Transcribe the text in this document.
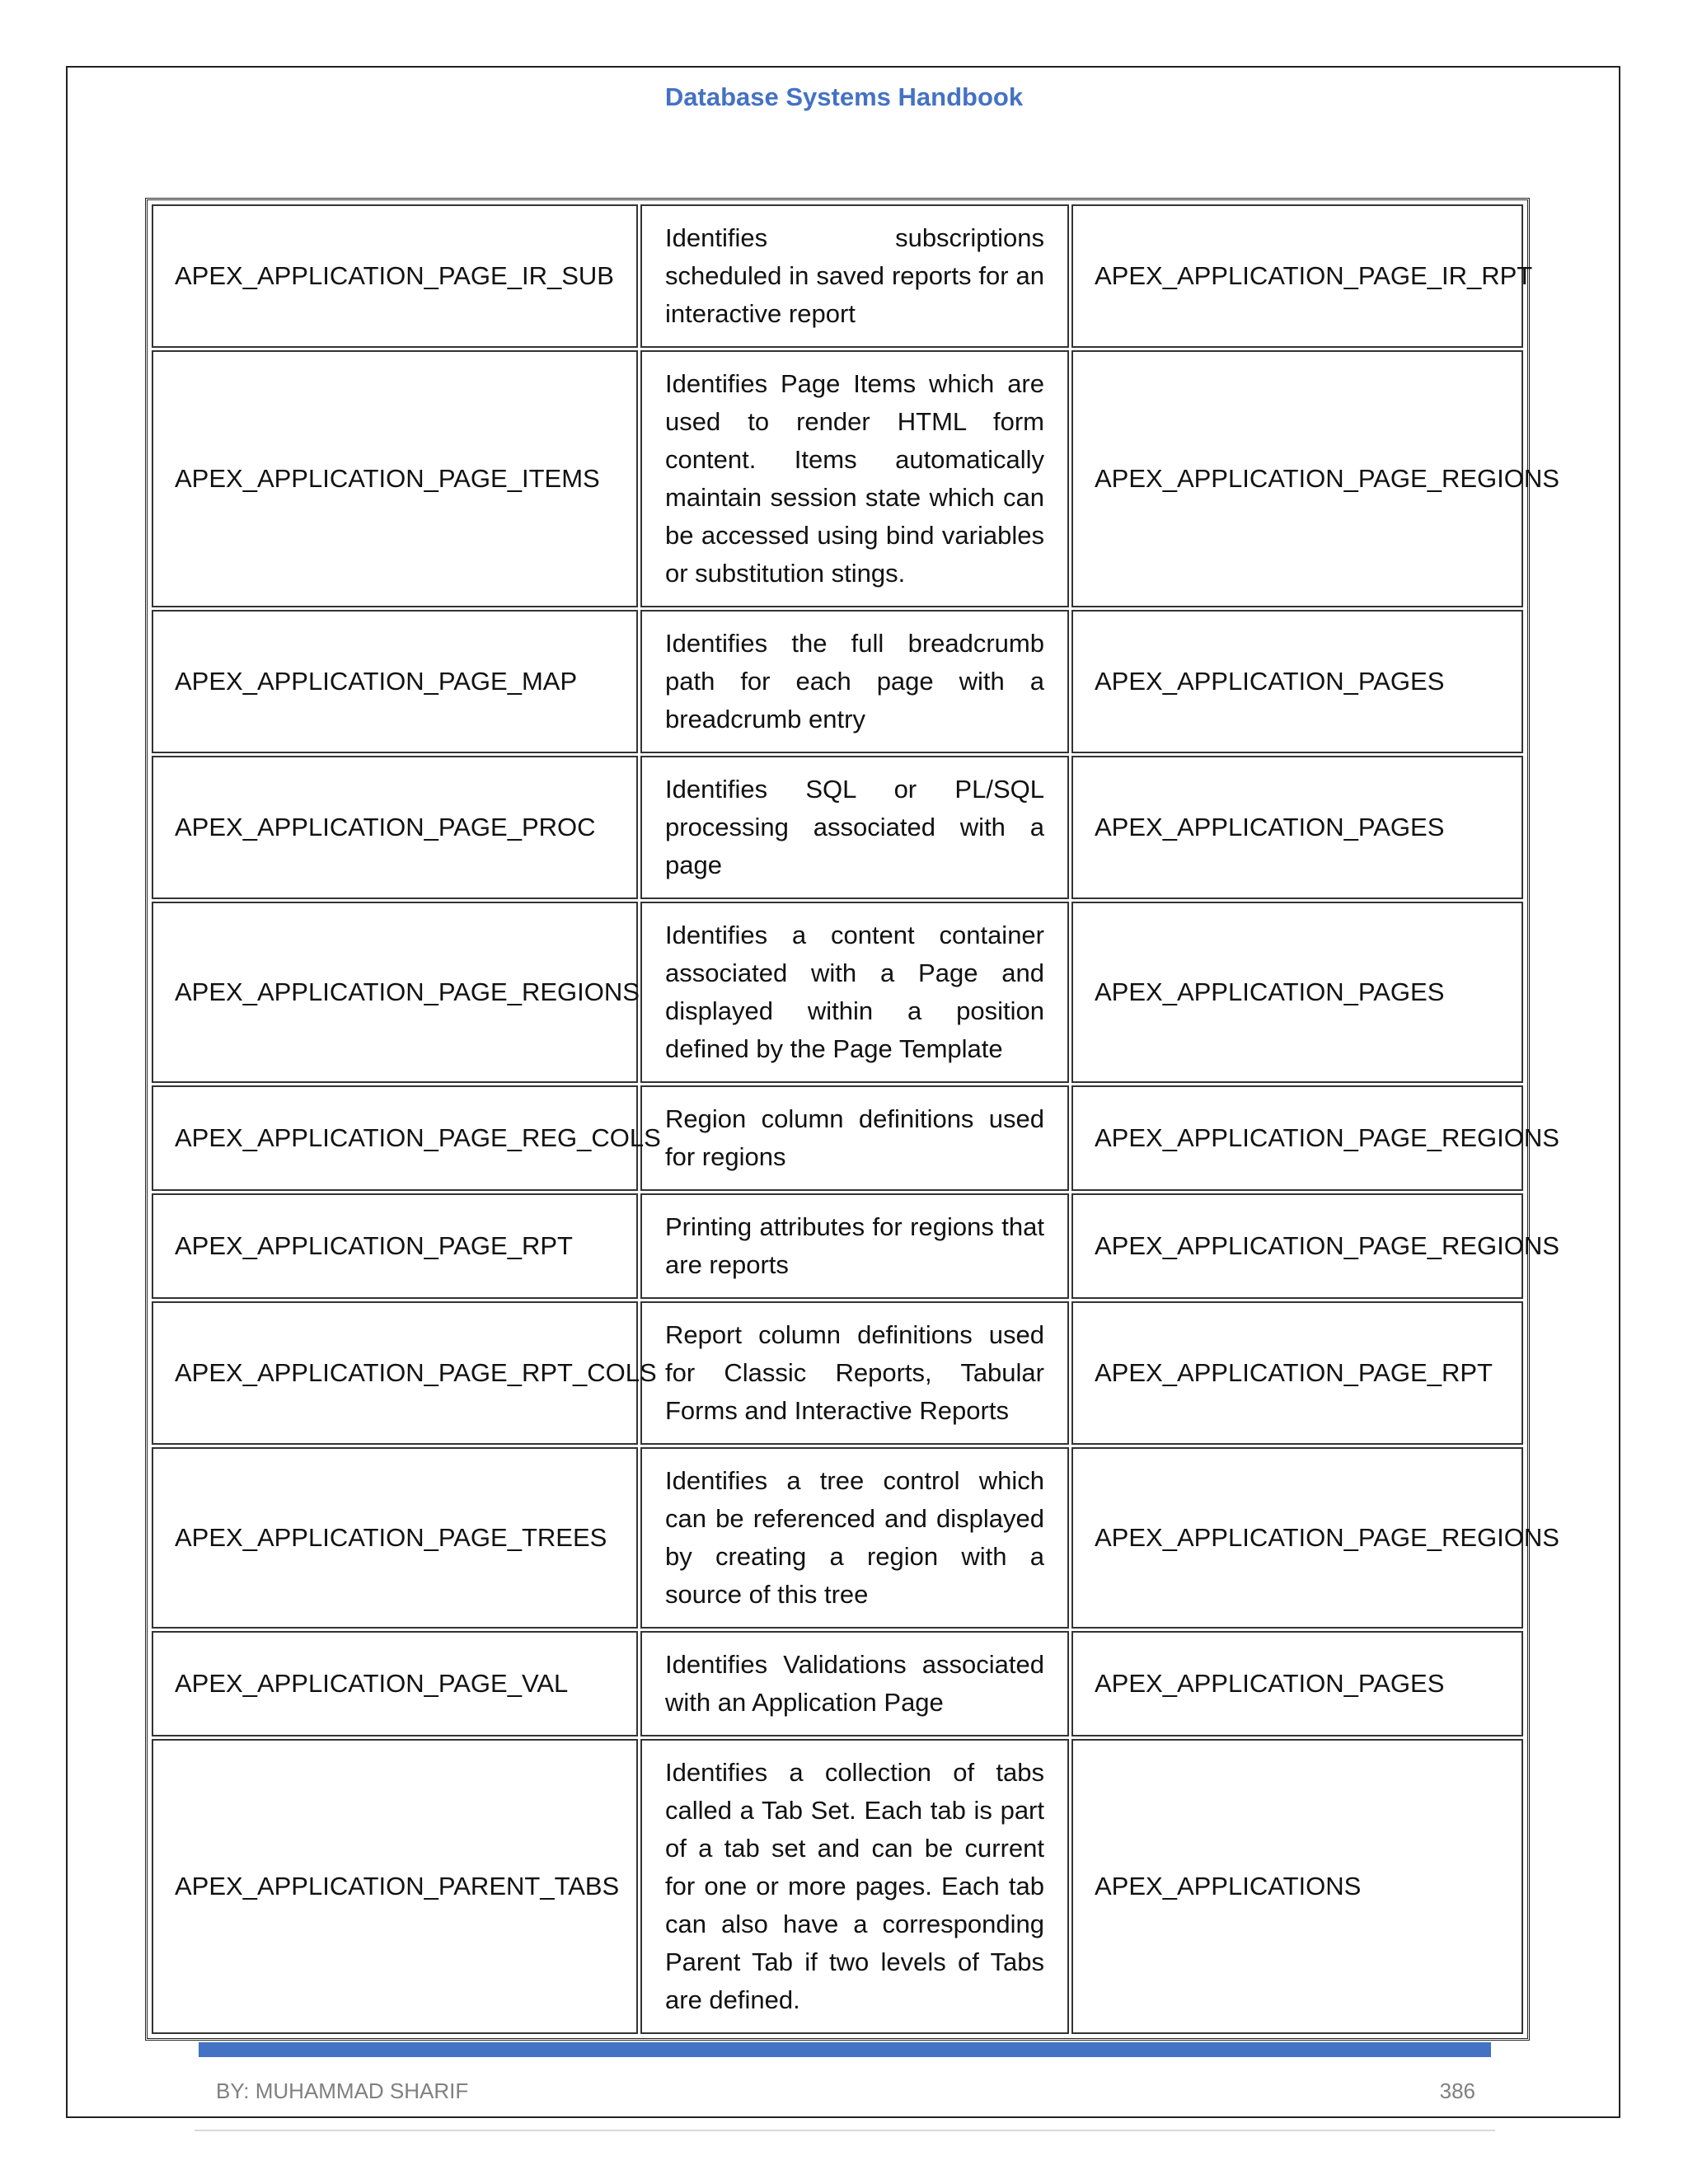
Database Systems Handbook
APEX_APPLICATION_PAGE_IR_SUB	Identifies subscriptions scheduled in saved reports for an interactive report	APEX_APPLICATION_PAGE_IR_RPT
APEX_APPLICATION_PAGE_ITEMS	Identifies Page Items which are used to render HTML form content. Items automatically maintain session state which can be accessed using bind variables or substitution stings.	APEX_APPLICATION_PAGE_REGIONS
APEX_APPLICATION_PAGE_MAP	Identifies the full breadcrumb path for each page with a breadcrumb entry	APEX_APPLICATION_PAGES
APEX_APPLICATION_PAGE_PROC	Identifies SQL or PL/SQL processing associated with a page	APEX_APPLICATION_PAGES
APEX_APPLICATION_PAGE_REGIONS	Identifies a content container associated with a Page and displayed within a position defined by the Page Template	APEX_APPLICATION_PAGES
APEX_APPLICATION_PAGE_REG_COLS	Region column definitions used for regions	APEX_APPLICATION_PAGE_REGIONS
APEX_APPLICATION_PAGE_RPT	Printing attributes for regions that are reports	APEX_APPLICATION_PAGE_REGIONS
APEX_APPLICATION_PAGE_RPT_COLS	Report column definitions used for Classic Reports, Tabular Forms and Interactive Reports	APEX_APPLICATION_PAGE_RPT
APEX_APPLICATION_PAGE_TREES	Identifies a tree control which can be referenced and displayed by creating a region with a source of this tree	APEX_APPLICATION_PAGE_REGIONS
APEX_APPLICATION_PAGE_VAL	Identifies Validations associated with an Application Page	APEX_APPLICATION_PAGES
APEX_APPLICATION_PARENT_TABS	Identifies a collection of tabs called a Tab Set. Each tab is part of a tab set and can be current for one or more pages. Each tab can also have a corresponding Parent Tab if two levels of Tabs are defined.	APEX_APPLICATIONS
BY: MUHAMMAD SHARIF	386
